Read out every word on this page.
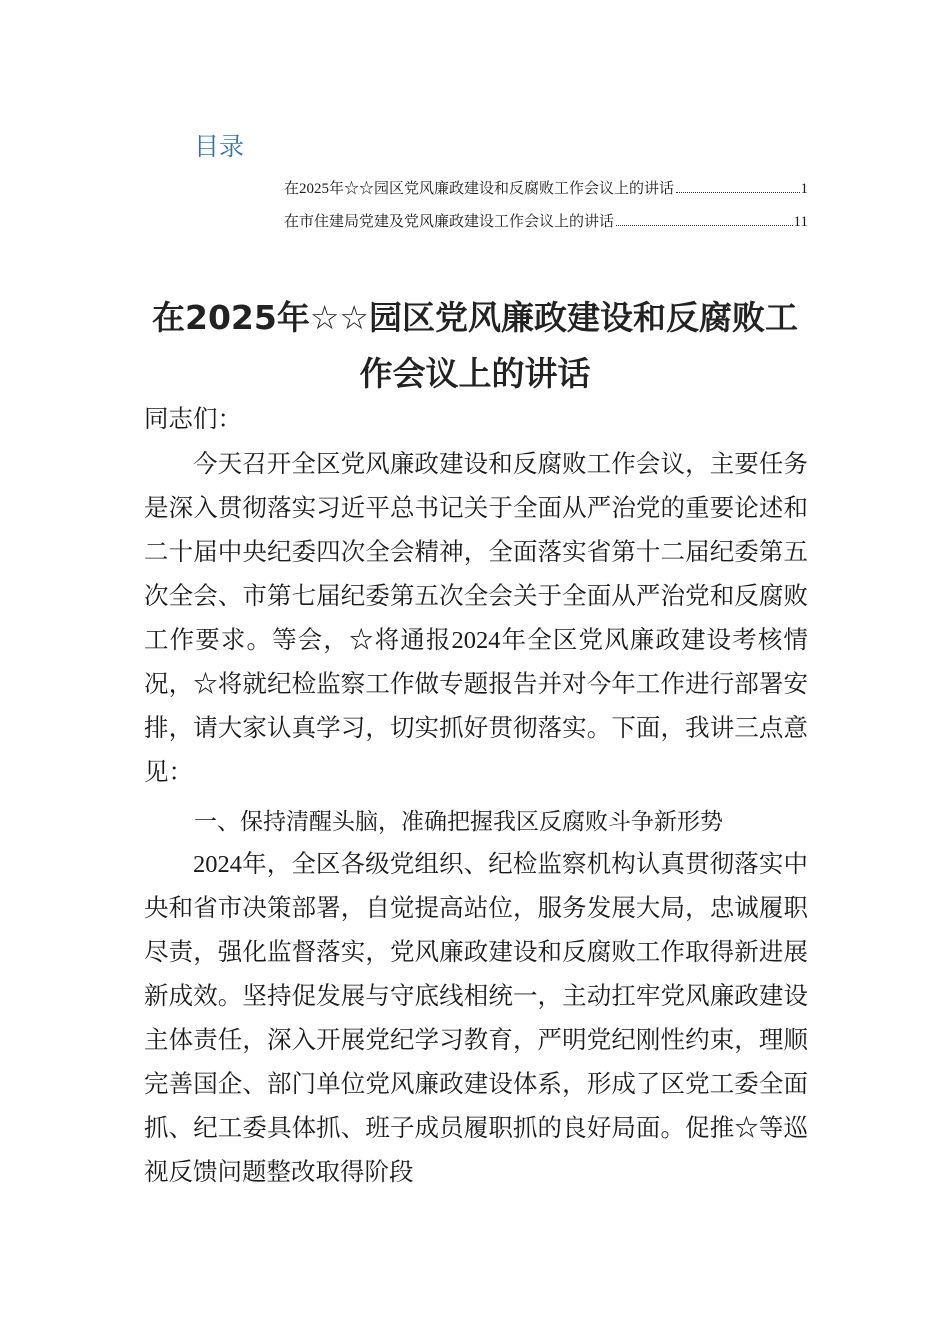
目录
在2025年☆☆园区党风廉政建设和反腐败工作会议上的讲话	1
在市住建局党建及党风廉政建设工作会议上的讲话	11
在2025年☆☆园区党风廉政建设和反腐败工作会议上的讲话
同志们：
今天召开全区党风廉政建设和反腐败工作会议，主要任务是深入贯彻落实习近平总书记关于全面从严治党的重要论述和二十届中央纪委四次全会精神，全面落实省第十二届纪委第五次全会、市第七届纪委第五次全会关于全面从严治党和反腐败工作要求。等会，☆将通报2024年全区党风廉政建设考核情况，☆将就纪检监察工作做专题报告并对今年工作进行部署安排，请大家认真学习，切实抓好贯彻落实。下面，我讲三点意见：
一、保持清醒头脑，准确把握我区反腐败斗争新形势
2024年，全区各级党组织、纪检监察机构认真贯彻落实中央和省市决策部署，自觉提高站位，服务发展大局，忠诚履职尽责，强化监督落实，党风廉政建设和反腐败工作取得新进展新成效。坚持促发展与守底线相统一，主动扛牢党风廉政建设主体责任，深入开展党纪学习教育，严明党纪刚性约束，理顺完善国企、部门单位党风廉政建设体系，形成了区党工委全面抓、纪工委具体抓、班子成员履职抓的良好局面。促推☆等巡视反馈问题整改取得阶段
